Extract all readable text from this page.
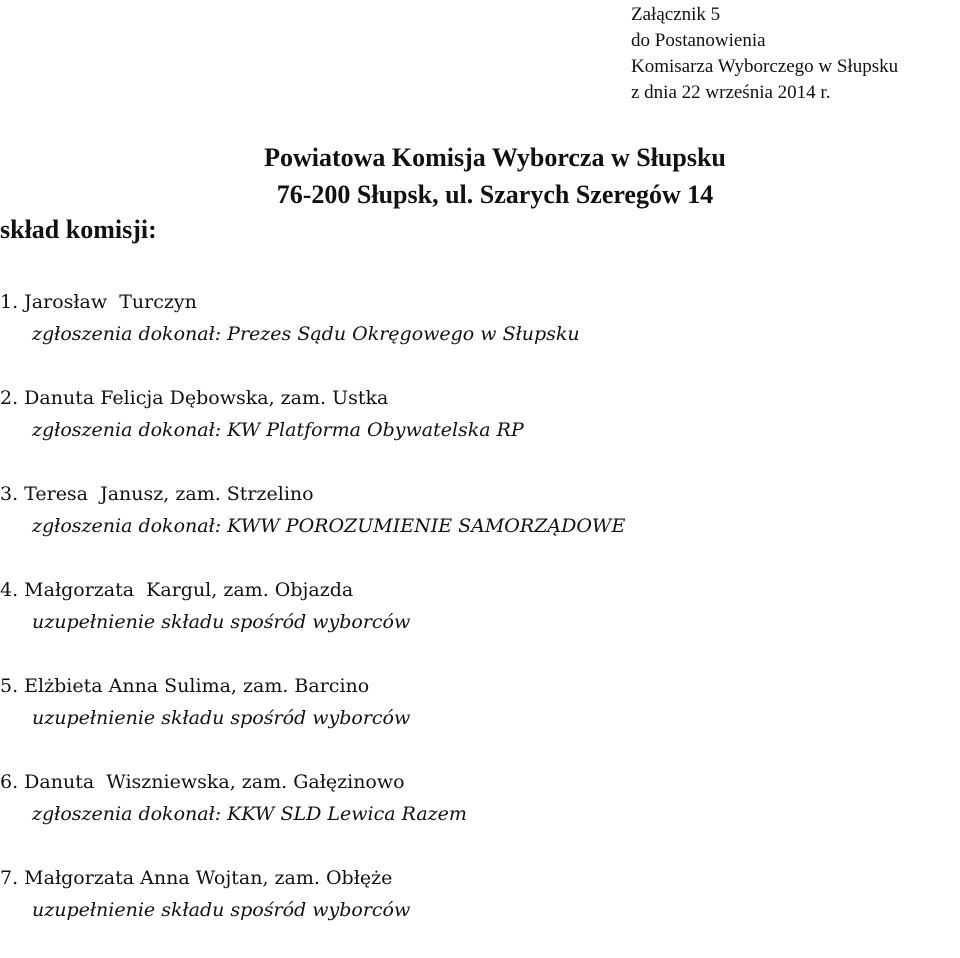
Załącznik 5
do Postanowienia
Komisarza Wyborczego w Słupsku
z dnia 22 września 2014 r.
Powiatowa Komisja Wyborcza w Słupsku
76-200 Słupsk, ul. Szarych Szeregów 14
skład komisji:
1. Jarosław  Turczyn
zgłoszenia dokonał: Prezes Sądu Okręgowego w Słupsku
2. Danuta Felicja Dębowska, zam. Ustka
zgłoszenia dokonał: KW Platforma Obywatelska RP
3. Teresa  Janusz, zam. Strzelino
zgłoszenia dokonał: KWW POROZUMIENIE SAMORZĄDOWE
4. Małgorzata  Kargul, zam. Objazda
uzupełnienie składu spośród wyborców
5. Elżbieta Anna Sulima, zam. Barcino
uzupełnienie składu spośród wyborców
6. Danuta  Wiszniewska, zam. Gałęzinowo
zgłoszenia dokonał: KKW SLD Lewica Razem
7. Małgorzata Anna Wojtan, zam. Obłęże
uzupełnienie składu spośród wyborców
